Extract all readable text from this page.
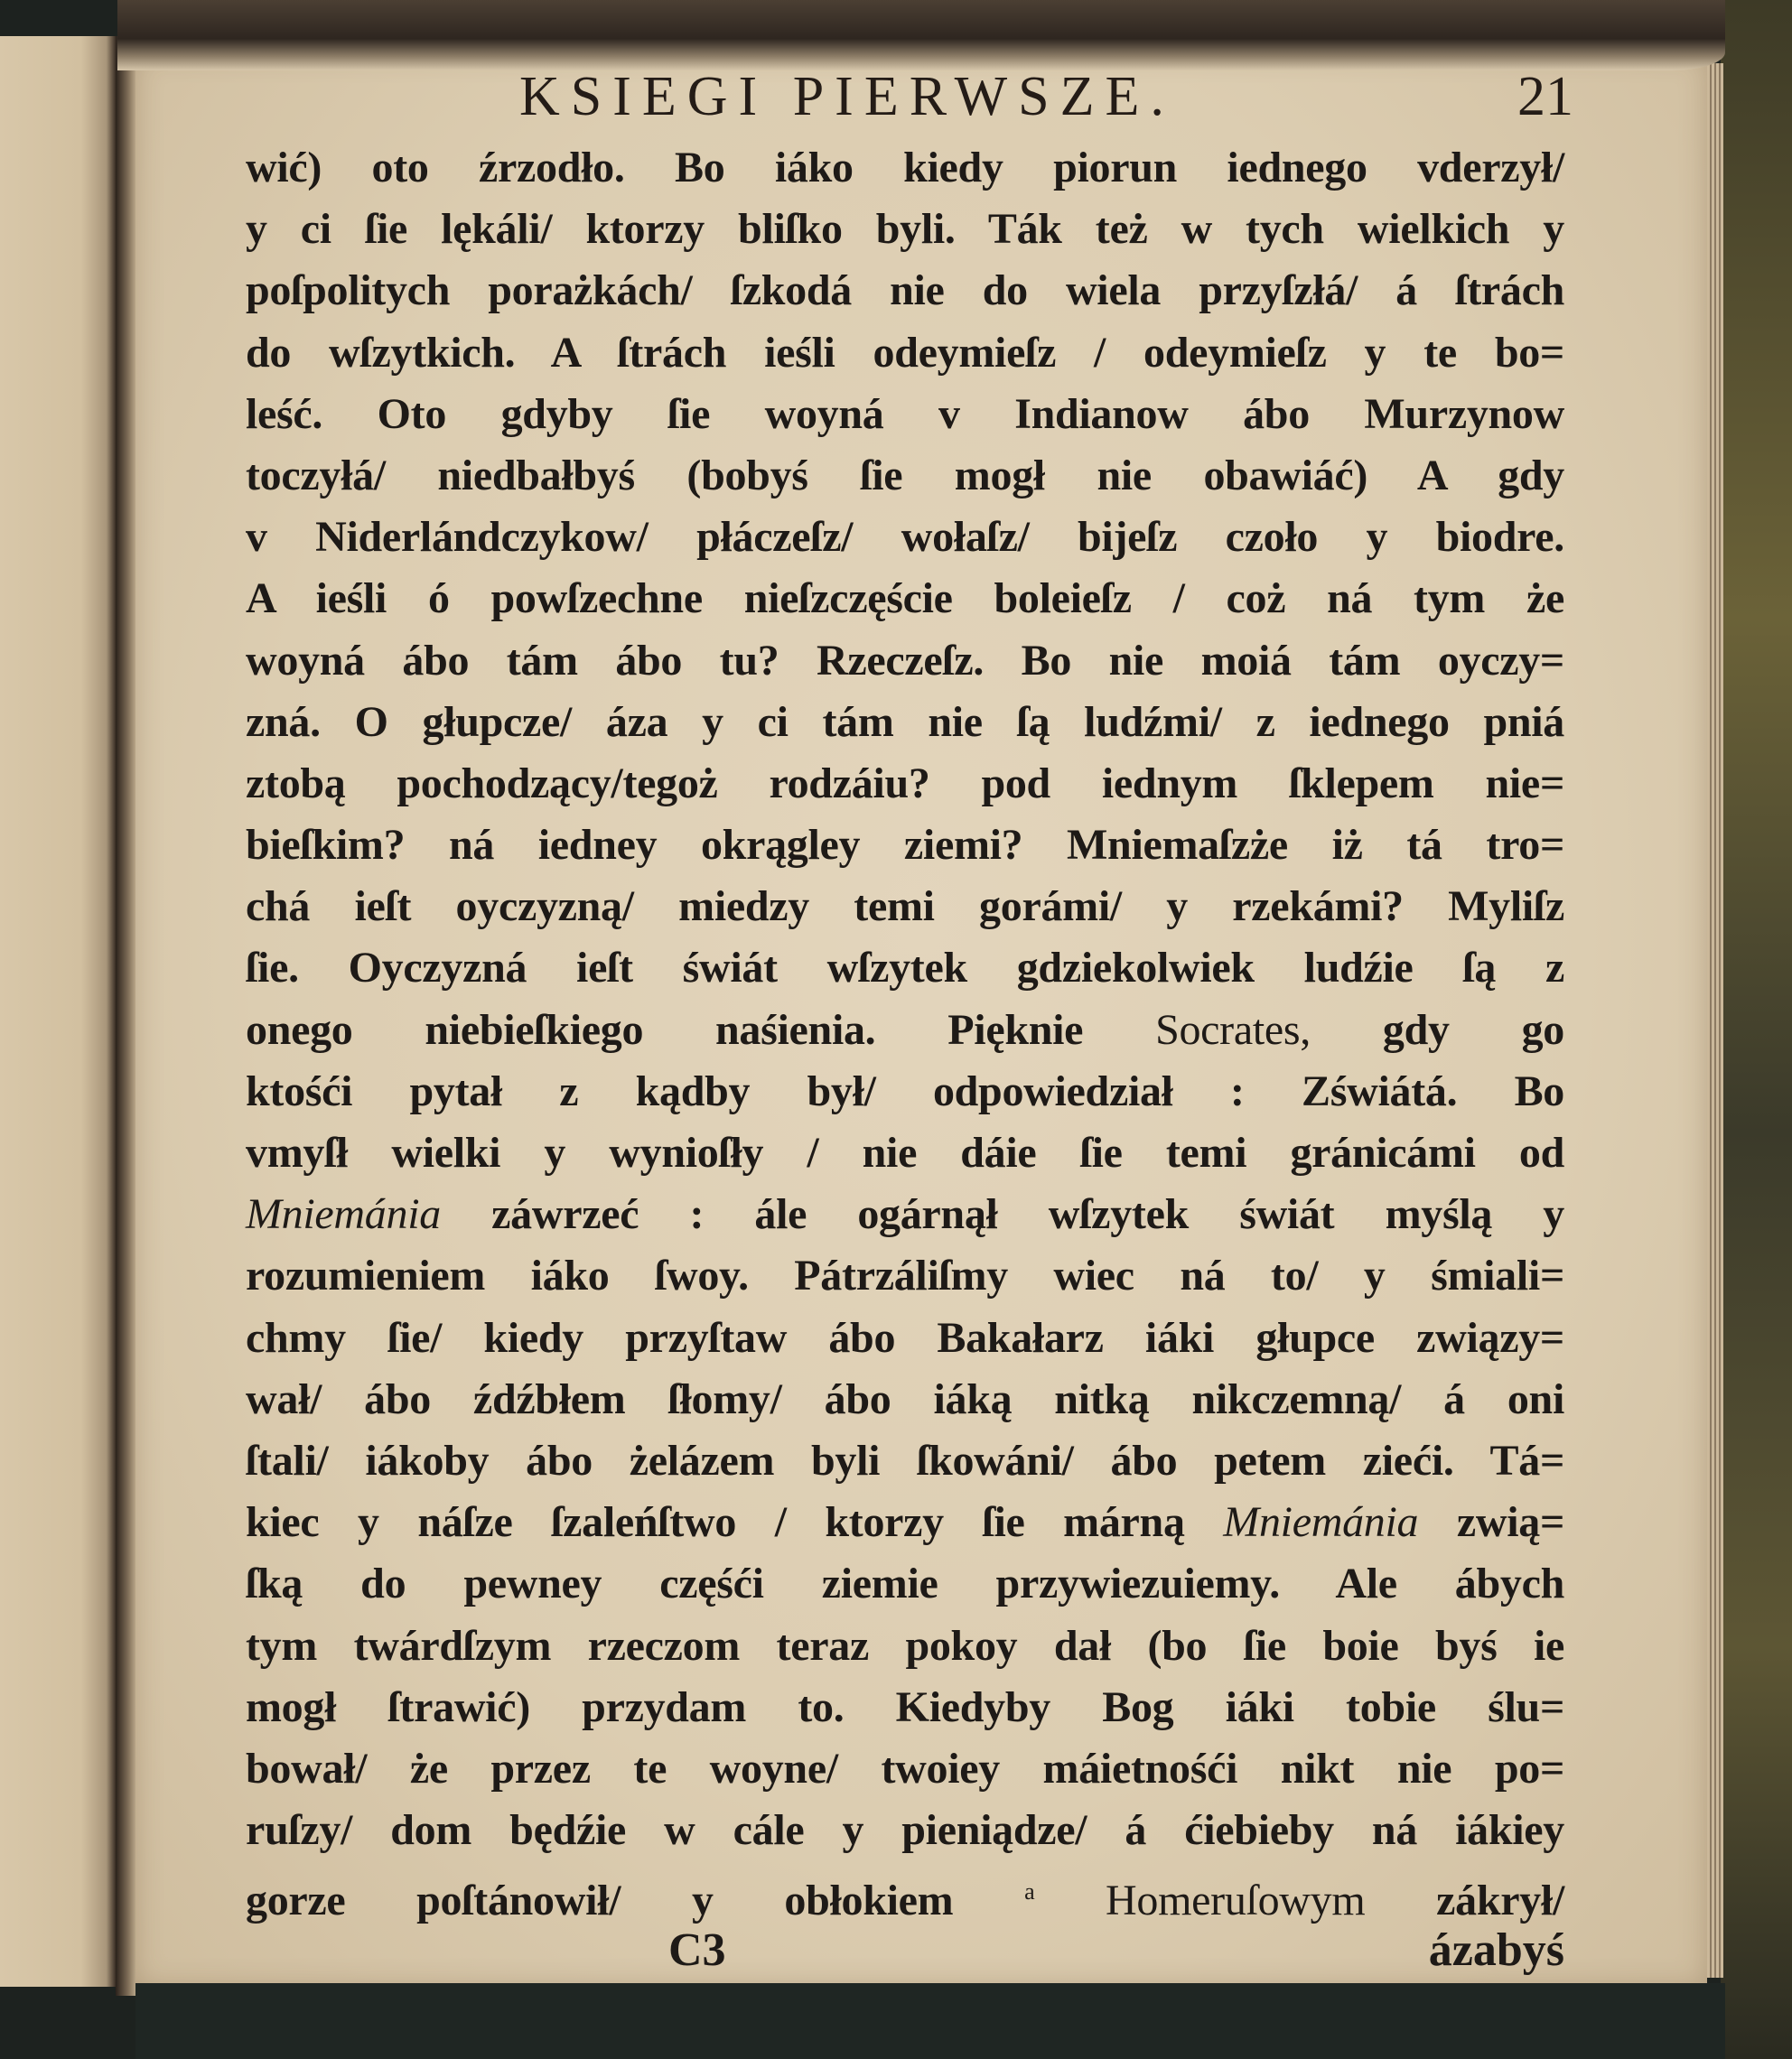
KSIEGI PIERWSZE.	21
wić) oto źrzodło. Bo iáko kiedy piorun iednego vderzył/
y ci ſie lękáli/ ktorzy bliſko byli. Ták też w tych wielkich y
poſpolitych porażkách/ ſzkodá nie do wiela przyſzłá/ á ſtrách
do wſzytkich. A ſtrách ieśli odeymieſz / odeymieſz y te bo=
leść. Oto gdyby ſie woyná v Indianow ábo Murzynow
toczyłá/ niedbałbyś (bobyś ſie mogł nie obawiáć) A gdy
v Niderlándczykow/ płáczeſz/ wołaſz/ bijeſz czoło y biodre.
A ieśli ó powſzechne nieſzczęście boleieſz / coż ná tym że
woyná ábo tám ábo tu? Rzeczeſz. Bo nie moiá tám oyczy=
zná. O głupcze/ áza y ci tám nie ſą ludźmi/ z iednego pniá
ztobą pochodzący/tegoż rodzáiu? pod iednym ſklepem nie=
bieſkim? ná iedney okrągley ziemi? Mniemaſzże iż tá tro=
chá ieſt oyczyzną/ miedzy temi gorámi/ y rzekámi? Myliſz
ſie. Oyczyzná ieſt świát wſzytek gdziekolwiek ludźie ſą z
onego niebieſkiego naśienia. Pięknie Socrates, gdy go
ktośći pytał z kądby był/ odpowiedział : Zświátá. Bo
vmyſł wielki y wynioſły / nie dáie ſie temi gránicámi od
Mniemánia záwrzeć : ále ogárnął wſzytek świát myślą y
rozumieniem iáko ſwoy. Pátrzáliſmy wiec ná to/ y śmiali=
chmy ſie/ kiedy przyſtaw ábo Bakałarz iáki głupce związy=
wał/ ábo źdźbłem ſłomy/ ábo iáką nitką nikczemną/ á oni
ſtali/ iákoby ábo żelázem byli ſkowáni/ ábo petem zieći. Tá=
kiec y náſze ſzaleńſtwo / ktorzy ſie márną Mniemánia zwią=
ſką do pewney częśći ziemie przywiezuiemy. Ale ábych
tym twárdſzym rzeczom teraz pokoy dał (bo ſie boie byś ie
mogł ſtrawić) przydam to. Kiedyby Bog iáki tobie ślu=
bował/ że przez te woyne/ twoiey máietnośći nikt nie po=
ruſzy/ dom będźie w cále y pieniądze/ á ćiebieby ná iákiey
gorze poſtánowił/ y obłokiem $^a$ Homeruſowym zákrył/
C3	ázabyś
